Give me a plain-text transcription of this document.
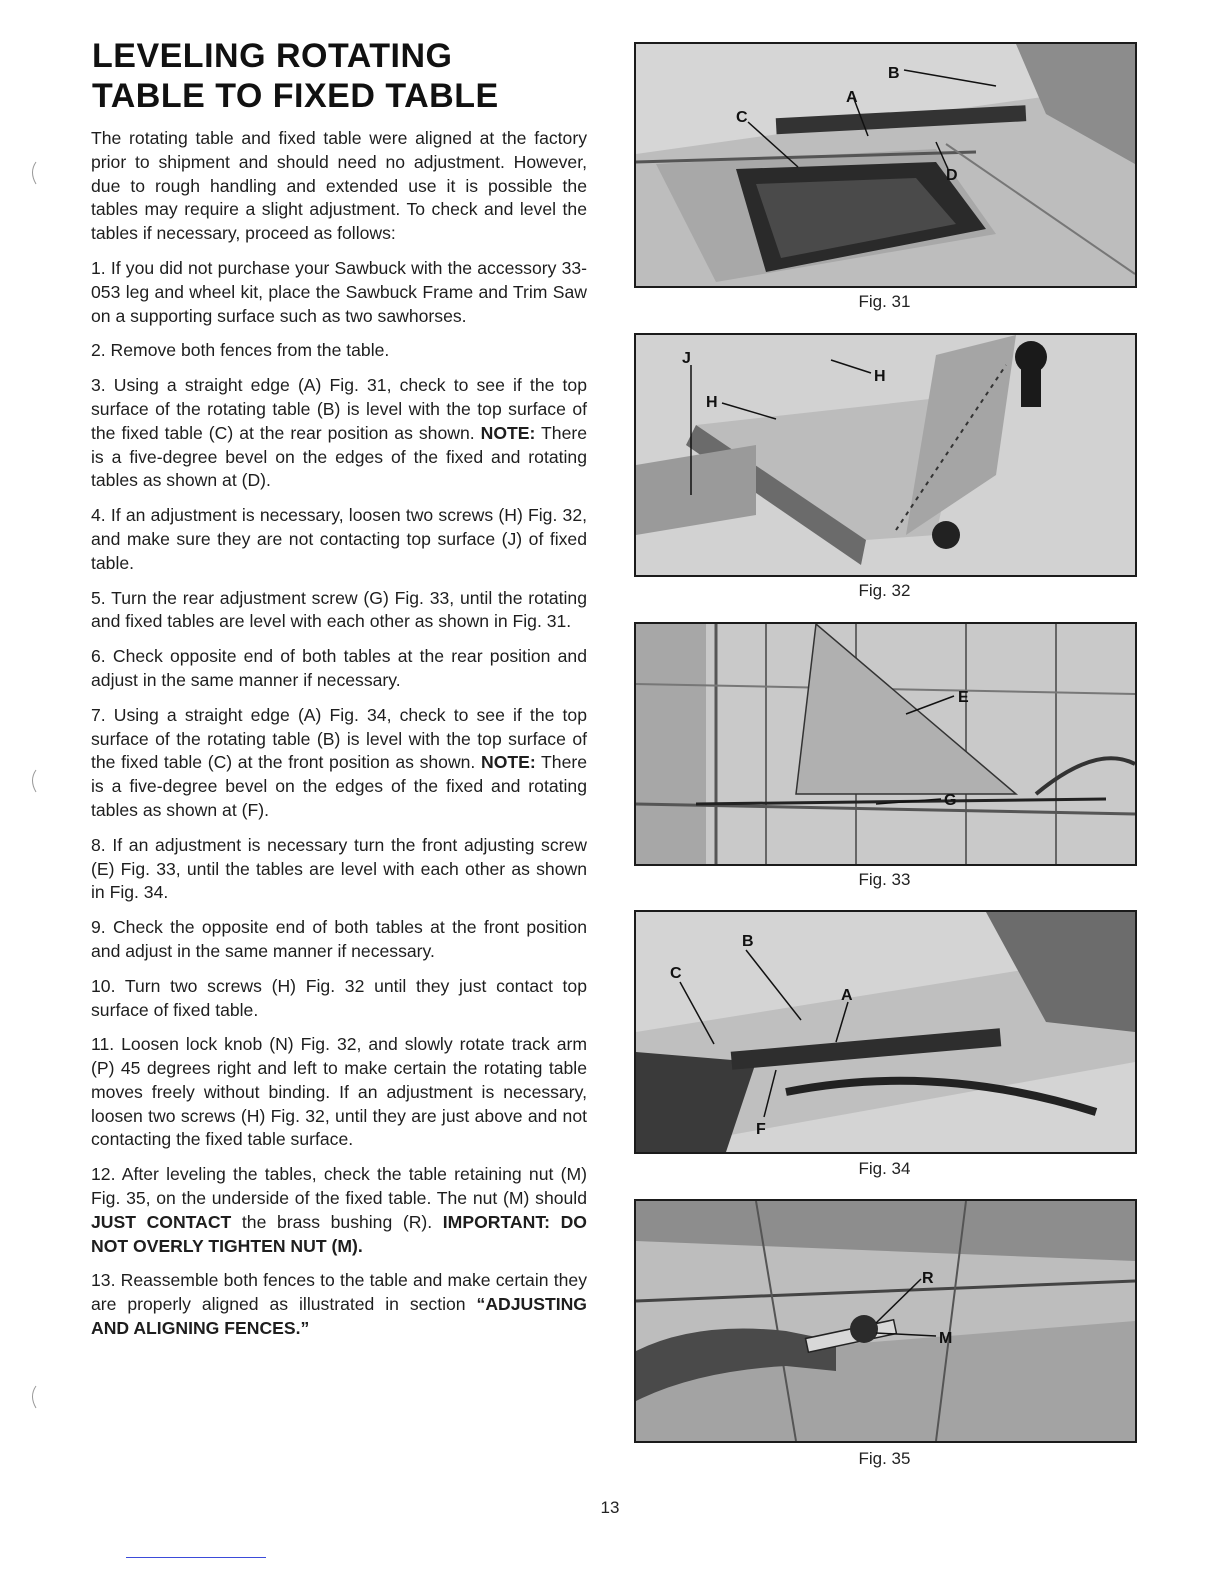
LEVELING ROTATING
TABLE TO FIXED TABLE

The rotating table and fixed table were aligned at the factory prior to shipment and should need no adjustment. However, due to rough handling and extended use it is possible the tables may require a slight adjustment. To check and level the tables if necessary, proceed as follows:

1. If you did not purchase your Sawbuck with the accessory 33-053 leg and wheel kit, place the Sawbuck Frame and Trim Saw on a supporting surface such as two sawhorses.

2. Remove both fences from the table.

3. Using a straight edge (A) Fig. 31, check to see if the top surface of the rotating table (B) is level with the top surface of the fixed table (C) at the rear position as shown. NOTE: There is a five-degree bevel on the edges of the fixed and rotating tables as shown at (D).

4. If an adjustment is necessary, loosen two screws (H) Fig. 32, and make sure they are not contacting top surface (J) of fixed table.

5. Turn the rear adjustment screw (G) Fig. 33, until the rotating and fixed tables are level with each other as shown in Fig. 31.

6. Check opposite end of both tables at the rear position and adjust in the same manner if necessary.

7. Using a straight edge (A) Fig. 34, check to see if the top surface of the rotating table (B) is level with the top surface of the fixed table (C) at the front position as shown. NOTE: There is a five-degree bevel on the edges of the fixed and rotating tables as shown at (F).

8. If an adjustment is necessary turn the front adjusting screw (E) Fig. 33, until the tables are level with each other as shown in Fig. 34.

9. Check the opposite end of both tables at the front position and adjust in the same manner if necessary.

10. Turn two screws (H) Fig. 32 until they just contact top surface of fixed table.

11. Loosen lock knob (N) Fig. 32, and slowly rotate track arm (P) 45 degrees right and left to make certain the rotating table moves freely without binding. If an adjustment is necessary, loosen two screws (H) Fig. 32, until they are just above and not contacting the fixed table surface.

12. After leveling the tables, check the table retaining nut (M) Fig. 35, on the underside of the fixed table. The nut (M) should JUST CONTACT the brass bushing (R). IMPORTANT: DO NOT OVERLY TIGHTEN NUT (M).

13. Reassemble both fences to the table and make certain they are properly aligned as illustrated in section “ADJUSTING AND ALIGNING FENCES.”

A
B
C
D
Fig. 31
J
H
H
Fig. 32
E
G
Fig. 33
A
B
C
F
Fig. 34
R
M
Fig. 35
13
